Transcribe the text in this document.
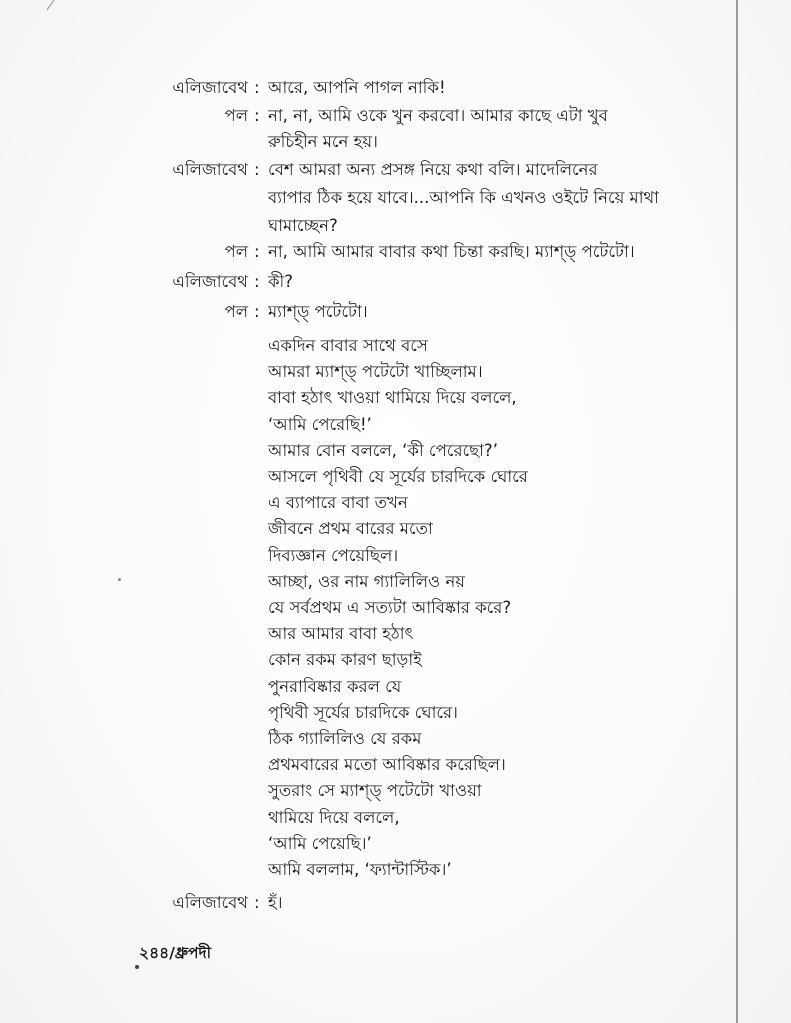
এলিজাবেথ : আরে, আপনি পাগল নাকি!
পল : না, না, আমি ওকে খুন করবো। আমার কাছে এটা খুব
রুচিহীন মনে হয়।
এলিজাবেথ : বেশ আমরা অন্য প্রসঙ্গ নিয়ে কথা বলি। মাদেলিনের
ব্যাপার ঠিক হয়ে যাবে।...আপনি কি এখনও ওইটে নিয়ে মাথা
ঘামাচ্ছেন?
পল : না, আমি আমার বাবার কথা চিন্তা করছি। ম্যাশ্‌ড্‌ পটেটো।
এলিজাবেথ : কী?
পল : ম্যাশ্‌ড্‌ পটেটো।
একদিন বাবার সাথে বসে
আমরা ম্যাশ্‌ড্‌ পটেটো খাচ্ছিলাম।
বাবা হঠাৎ খাওয়া থামিয়ে দিয়ে বললে,
‘আমি পেরেছি!’
আমার বোন বললে, ‘কী পেরেছো?’
আসলে পৃথিবী যে সূর্যের চারদিকে ঘোরে
এ ব্যাপারে বাবা তখন
জীবনে প্রথম বারের মতো
দিব্যজ্ঞান পেয়েছিল।
আচ্ছা, ওর নাম গ্যালিলিও নয়
যে সর্বপ্রথম এ সত্যটা আবিষ্কার করে?
আর আমার বাবা হঠাৎ
কোন রকম কারণ ছাড়াই
পুনরাবিষ্কার করল যে
পৃথিবী সূর্যের চারদিকে ঘোরে।
ঠিক গ্যালিলিও যে রকম
প্রথমবারের মতো আবিষ্কার করেছিল।
সুতরাং সে ম্যাশ্‌ড্‌ পটেটো খাওয়া
থামিয়ে দিয়ে বললে,
‘আমি পেয়েছি।’
আমি বললাম, ‘ফ্যান্টাস্টিক।’
এলিজাবেথ : হঁ।
২৪৪/ধ্রুপদী
